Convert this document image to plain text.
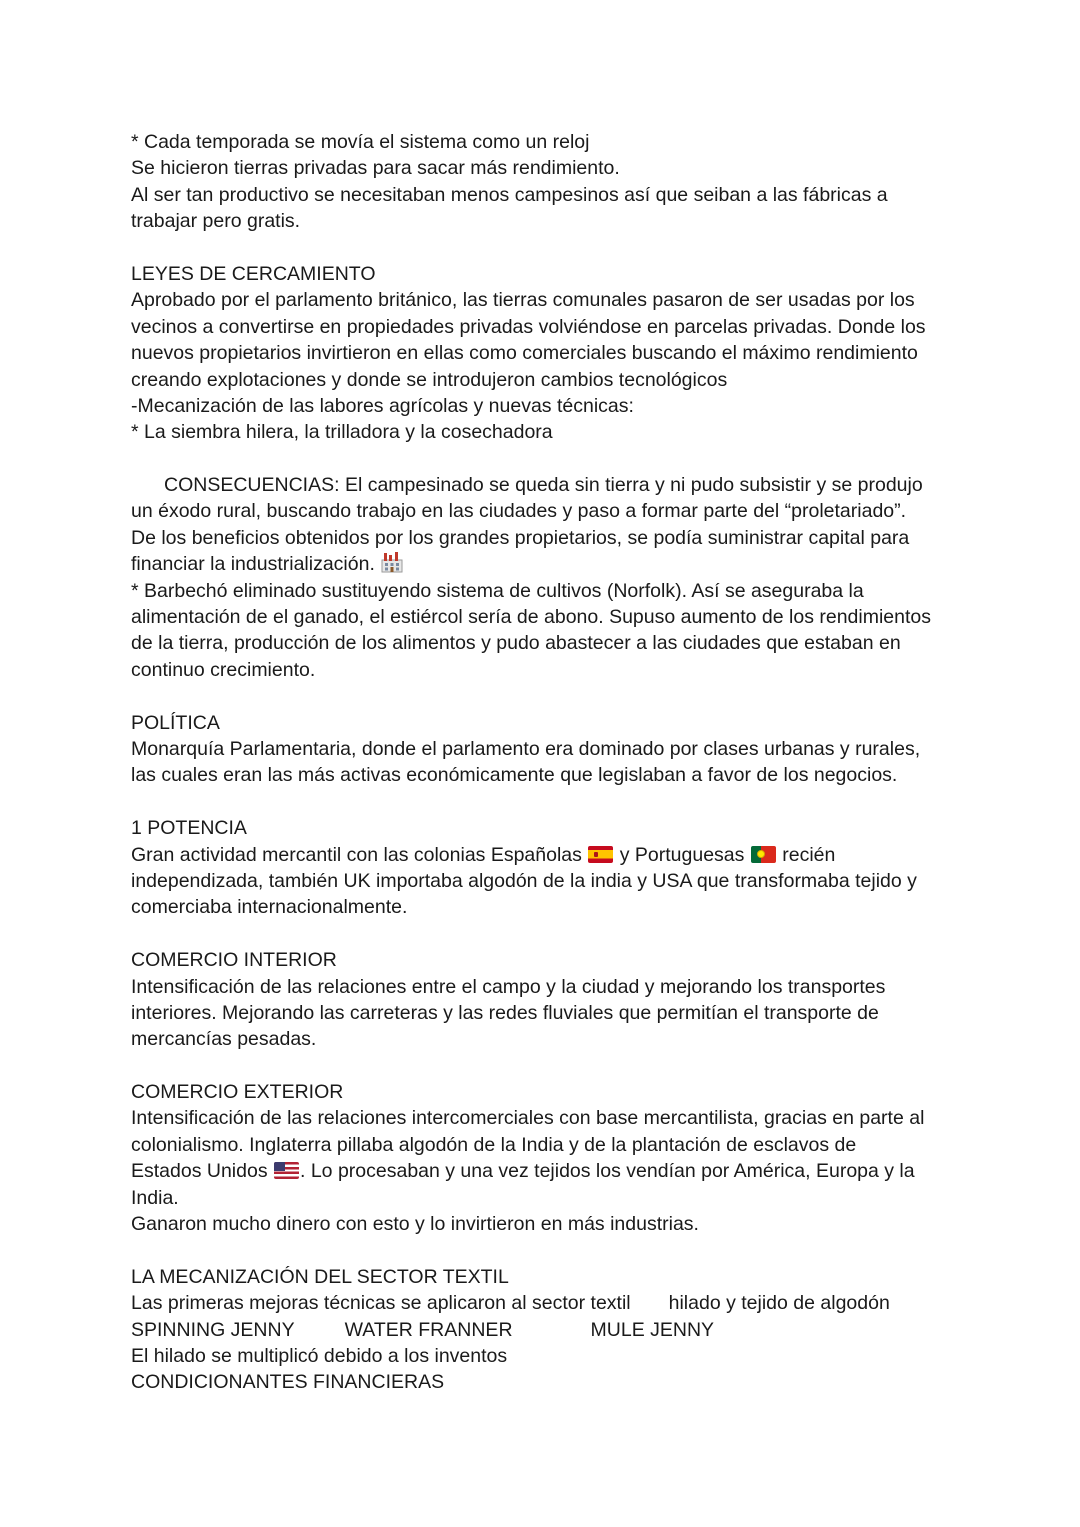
* Cada temporada se movía el sistema como un reloj
Se hicieron tierras privadas para sacar más rendimiento.
Al ser tan productivo se necesitaban menos campesinos así que seiban a las fábricas a
trabajar pero gratis.
LEYES DE CERCAMIENTO
Aprobado por el parlamento británico, las tierras comunales pasaron de ser usadas por los
vecinos a convertirse en propiedades privadas volviéndose en parcelas privadas. Donde los
nuevos propietarios invirtieron en ellas como comerciales buscando el máximo rendimiento
creando explotaciones y donde se introdujeron cambios tecnológicos
-Mecanización de las labores agrícolas y nuevas técnicas:
* La siembra hilera, la trilladora y la cosechadora
CONSECUENCIAS: El campesinado se queda sin tierra y ni pudo subsistir y se produjo
un éxodo rural, buscando trabajo en las ciudades y paso a formar parte del “proletariado”.
De los beneficios obtenidos por los grandes propietarios, se podía suministrar capital para
financiar la industrialización.
* Barbechó eliminado sustituyendo sistema de cultivos (Norfolk). Así se aseguraba la
alimentación de el ganado, el estiércol sería de abono. Supuso aumento de los rendimientos
de la tierra, producción de los alimentos y pudo abastecer a las ciudades que estaban en
continuo crecimiento.
POLÍTICA
Monarquía Parlamentaria, donde el parlamento era dominado por clases urbanas y rurales,
las cuales eran las más activas económicamente que legislaban a favor de los negocios.
1 POTENCIA
Gran actividad mercantil con las colonias Españolas y Portuguesas recién
independizada, también UK importaba algodón de la india y USA que transformaba tejido y
comerciaba internacionalmente.
COMERCIO INTERIOR
Intensificación de las relaciones entre el campo y la ciudad y mejorando los transportes
interiores. Mejorando las carreteras y las redes fluviales que permitían el transporte de
mercancías pesadas.
COMERCIO EXTERIOR
Intensificación de las relaciones intercomerciales con base mercantilista, gracias en parte al
colonialismo. Inglaterra pillaba algodón de la India y de la plantación de esclavos de
Estados Unidos . Lo procesaban y una vez tejidos los vendían por América, Europa y la
India.
Ganaron mucho dinero con esto y lo invirtieron en más industrias.
LA MECANIZACIÓN DEL SECTOR TEXTIL
Las primeras mejoras técnicas se aplicaron al sector textil hilado y tejido de algodón
SPINNING JENNY	WATER FRANNER	MULE JENNY
El hilado se multiplicó debido a los inventos
CONDICIONANTES FINANCIERAS
